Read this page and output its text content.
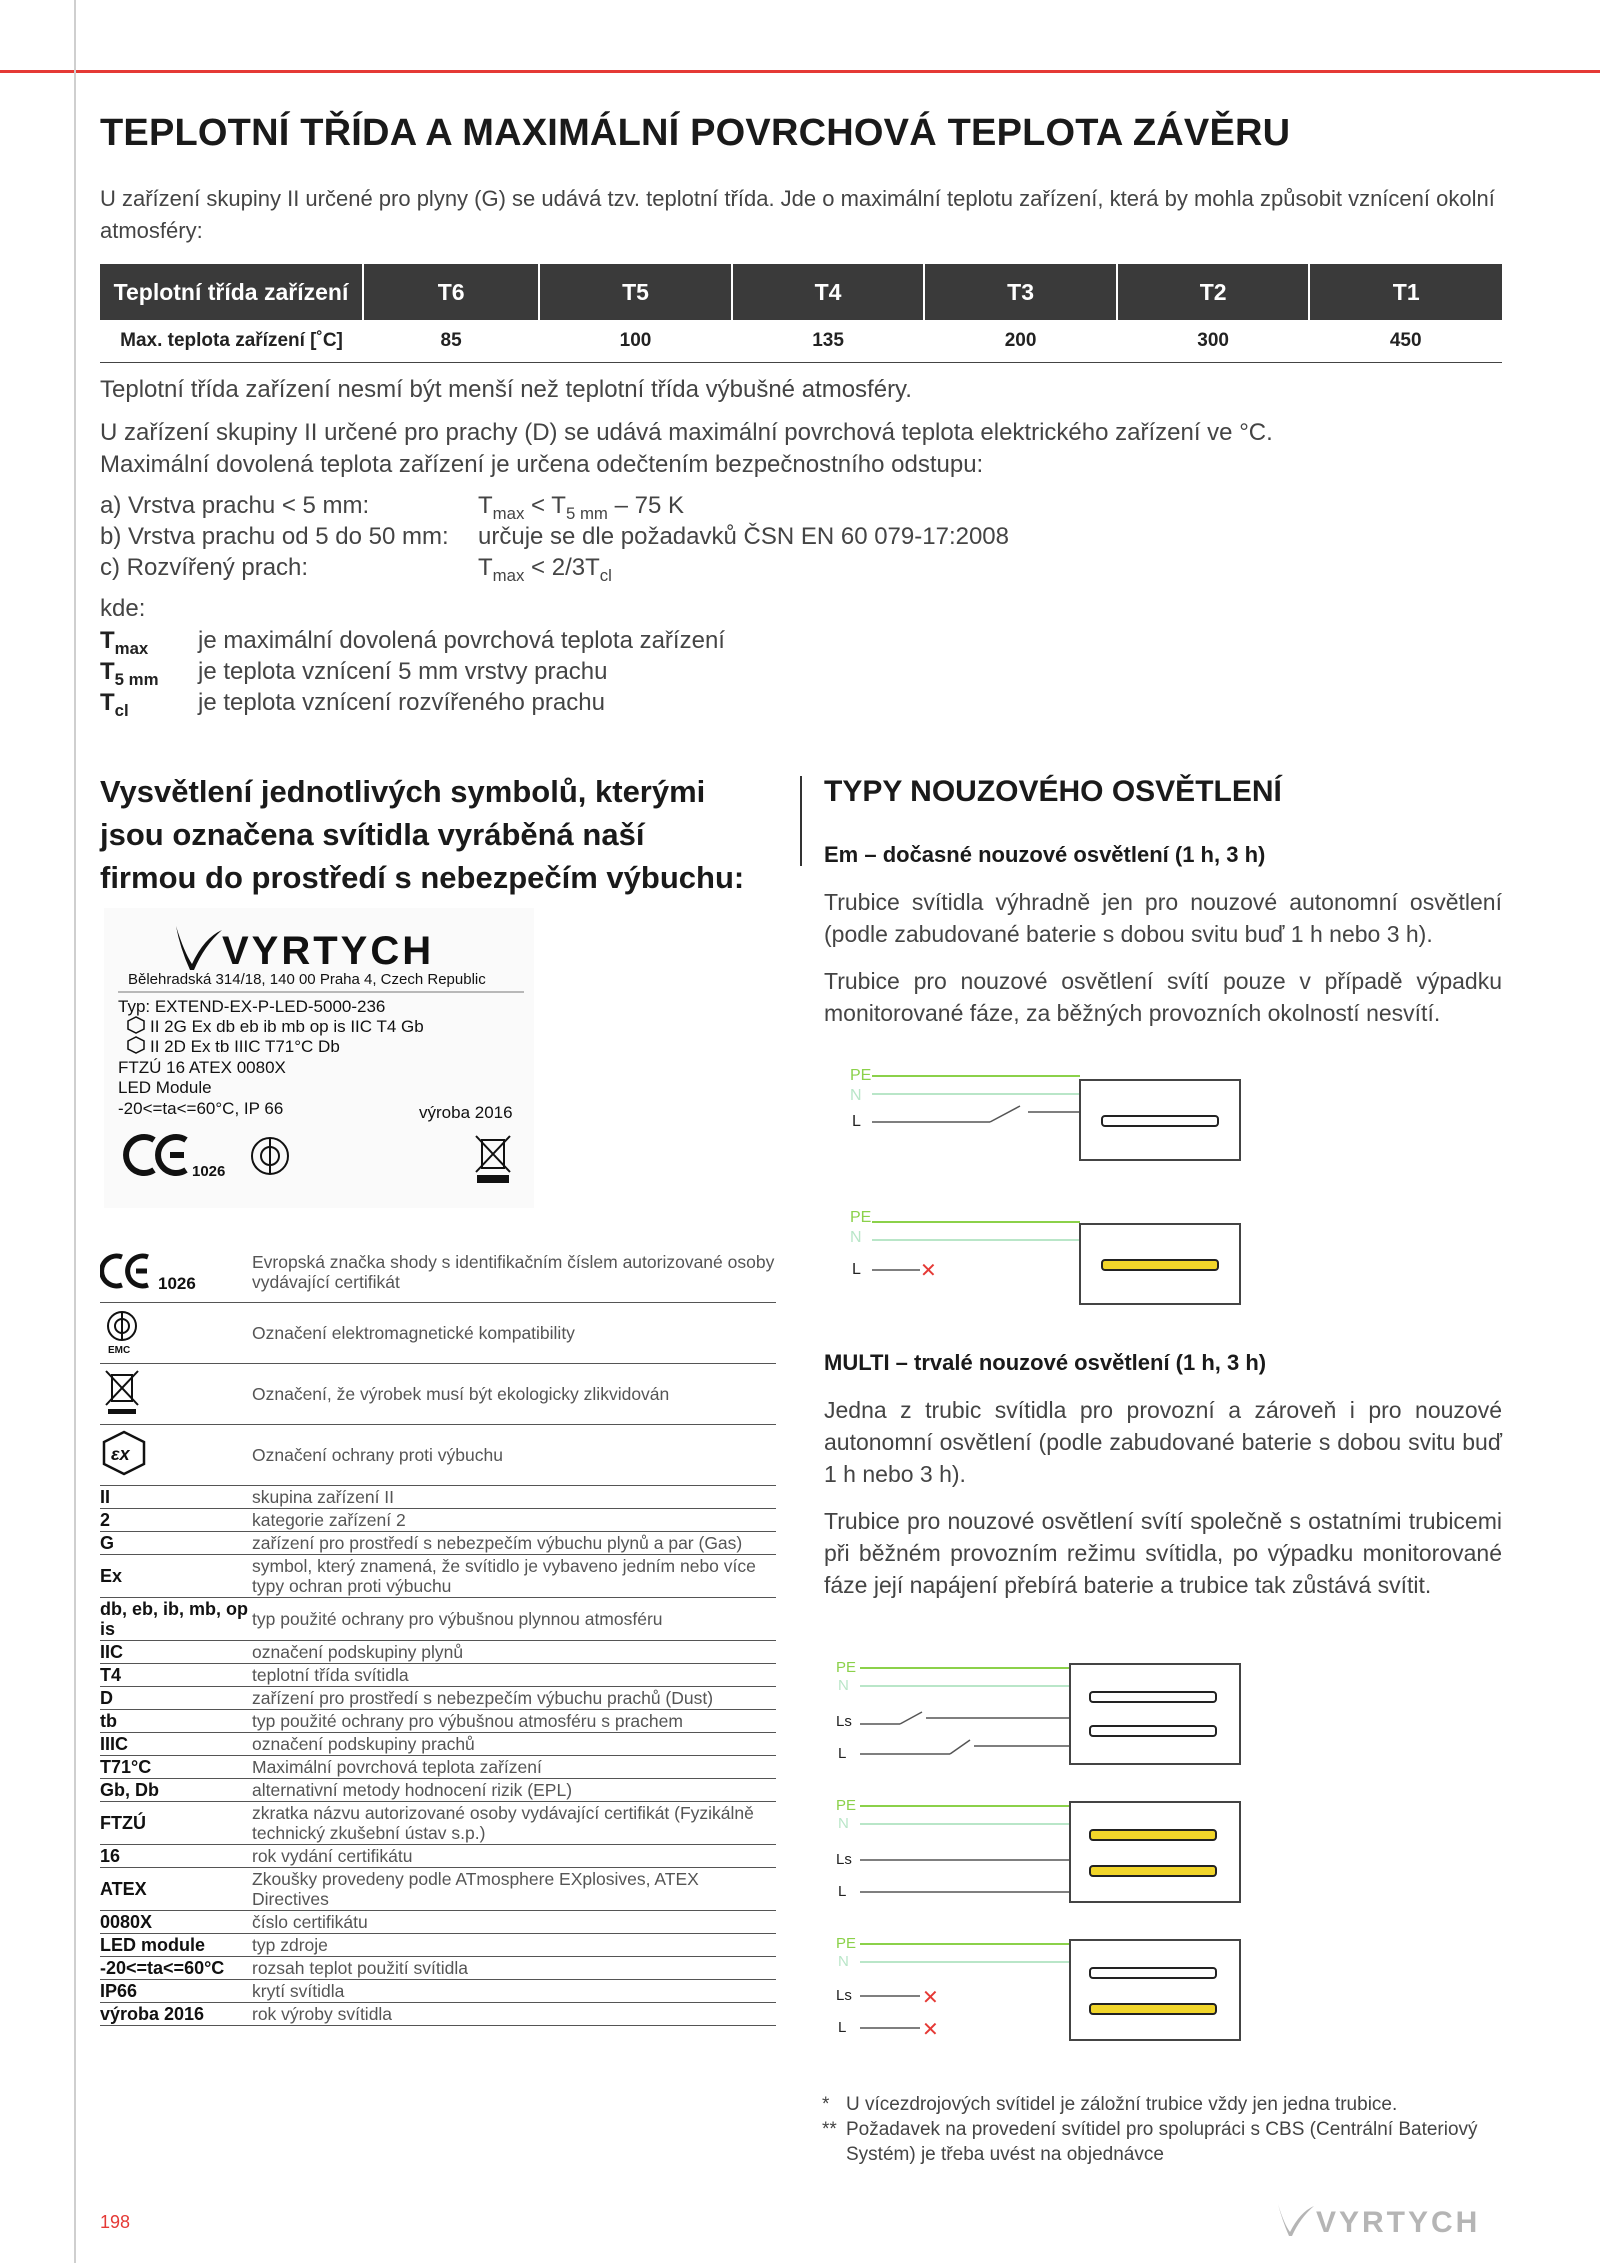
TEPLOTNÍ TŘÍDA A MAXIMÁLNÍ POVRCHOVÁ TEPLOTA ZÁVĚRU
U zařízení skupiny II určené pro plyny (G) se udává tzv. teplotní třída. Jde o maximální teplotu zařízení, která by mohla způsobit vznícení okolní atmosféry:
Teplotní třída zařízení	T6	T5	T4	T3	T2	T1
Max. teplota zařízení [˚C]	85	100	135	200	300	450
Teplotní třída zařízení nesmí být menší než teplotní třída výbušné atmosféry.
U zařízení skupiny II určené pro prachy (D) se udává maximální povrchová teplota elektrického zařízení ve °C.
Maximální dovolená teplota zařízení je určena odečtením bezpečnostního odstupu:
a) Vrstva prachu < 5 mm:	$T_{max} < T_{5 mm} - 75$ K
b) Vrstva prachu od 5 do 50 mm: určuje se dle požadavků ČSN EN 60 079-17:2008
c) Rozvířený prach:	$T_{max} < 2/3T_{cl}$
kde:
$T_{max}$ je maximální dovolená povrchová teplota zařízení
$T_{5 mm}$ je teplota vznícení 5 mm vrstvy prachu
$T_{cl}$	je teplota vznícení rozvířeného prachu
Vysvětlení jednotlivých symbolů, kterými
jsou označena svítidla vyráběná naší
firmou do prostředí s nebezpečím výbuchu:
VYRTYCH
Bělehradská 314/18, 140 00 Praha 4, Czech Republic
Typ: EXTEND-EX-P-LED-5000-236
II 2G Ex db eb ib mb op is IIC T4 Gb
II 2D Ex tb IIIC T71°C Db
FTZÚ 16 ATEX 0080X
LED Module
-20<=ta<=60°C, IP 66	výroba 2016
1026
1026	Evropská značka shody s identifikačním číslem autorizované osoby vydávající certifikát

EMC	Označení elektromagnetické kompatibility
	Označení, že výrobek musí být ekologicky zlikvidován

εx	Označení ochrany proti výbuchu
II	skupina zařízení II
2	kategorie zařízení 2
G	zařízení pro prostředí s nebezpečím výbuchu plynů a par (Gas)
Ex	symbol, který znamená, že svítidlo je vybaveno jedním nebo více typy ochran proti výbuchu
db, eb, ib, mb, op is	typ použité ochrany pro výbušnou plynnou atmosféru
IIC	označení podskupiny plynů
T4	teplotní třída svítidla
D	zařízení pro prostředí s nebezpečím výbuchu prachů (Dust)
tb	typ použité ochrany pro výbušnou atmosféru s prachem
IIIC	označení podskupiny prachů
T71°C	Maximální povrchová teplota zařízení
Gb, Db	alternativní metody hodnocení rizik (EPL)
FTZÚ	zkratka názvu autorizované osoby vydávající certifikát (Fyzikálně technický zkušební ústav s.p.)
16	rok vydání certifikátu
ATEX	Zkoušky provedeny podle ATmosphere EXplosives, ATEX Directives
0080X	číslo certifikátu
LED module	typ zdroje
-20<=ta<=60°C	rozsah teplot použití svítidla
IP66	krytí svítidla
výroba 2016	rok výroby svítidla
TYPY NOUZOVÉHO OSVĚTLENÍ
Em – dočasné nouzové osvětlení (1 h, 3 h)
Trubice svítidla výhradně jen pro nouzové autonomní osvětlení (podle zabudované baterie s dobou svitu buď 1 h nebo 3 h).
Trubice pro nouzové osvětlení svítí pouze v případě výpadku monitorované fáze, za běžných provozních okolností nesvítí.
PE
N
L
PE
N
L	✕
MULTI – trvalé nouzové osvětlení (1 h, 3 h)
Jedna z trubic svítidla pro provozní a zároveň i pro nouzové autonomní osvětlení (podle zabudované baterie s dobou svitu buď 1 h nebo 3 h).
Trubice pro nouzové osvětlení svítí společně s ostatními trubicemi při běžném provozním režimu svítidla, po výpadku monitorované fáze její napájení přebírá baterie a trubice tak zůstává svítit.
PE
N
Ls
L
PE
N
Ls
L
PE
N
Ls
L
✕
✕
* U vícezdrojových svítidel je záložní trubice vždy jen jedna trubice.
** Požadavek na provedení svítidel pro spolupráci s CBS (Centrální Bateriový Systém) je třeba uvést na objednávce
198	VYRTYCH
